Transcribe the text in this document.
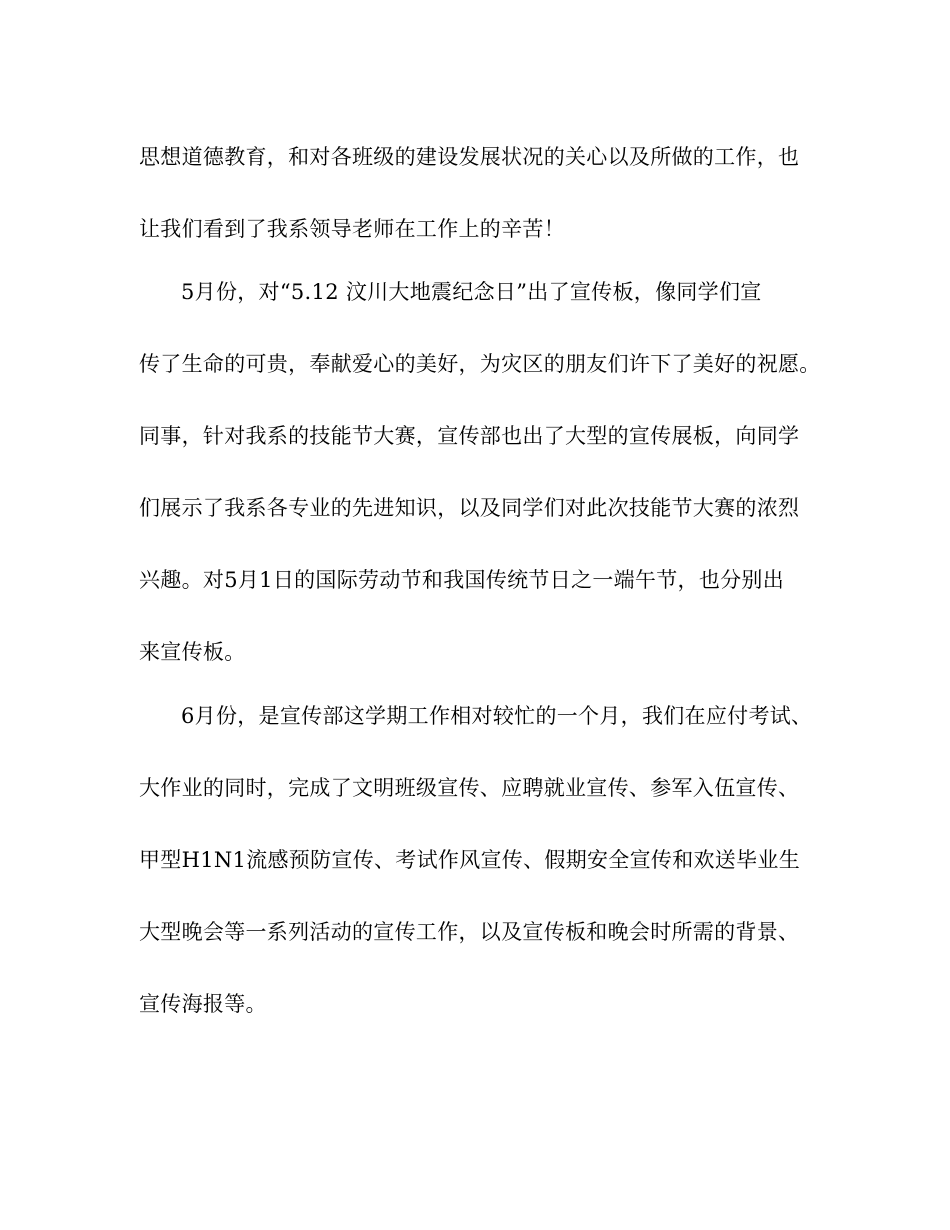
思想道德教育，和对各班级的建设发展状况的关心以及所做的工作，也
让我们看到了我系领导老师在工作上的辛苦！
5月份，对“5.12 汶川大地震纪念日”出了宣传板，像同学们宣
传了生命的可贵，奉献爱心的美好，为灾区的朋友们许下了美好的祝愿。
同事，针对我系的技能节大赛，宣传部也出了大型的宣传展板，向同学
们展示了我系各专业的先进知识，以及同学们对此次技能节大赛的浓烈
兴趣。对5月1日的国际劳动节和我国传统节日之一端午节，也分别出
来宣传板。
6月份，是宣传部这学期工作相对较忙的一个月，我们在应付考试、
大作业的同时，完成了文明班级宣传、应聘就业宣传、参军入伍宣传、
甲型H1N1流感预防宣传、考试作风宣传、假期安全宣传和欢送毕业生
大型晚会等一系列活动的宣传工作，以及宣传板和晚会时所需的背景、
宣传海报等。
